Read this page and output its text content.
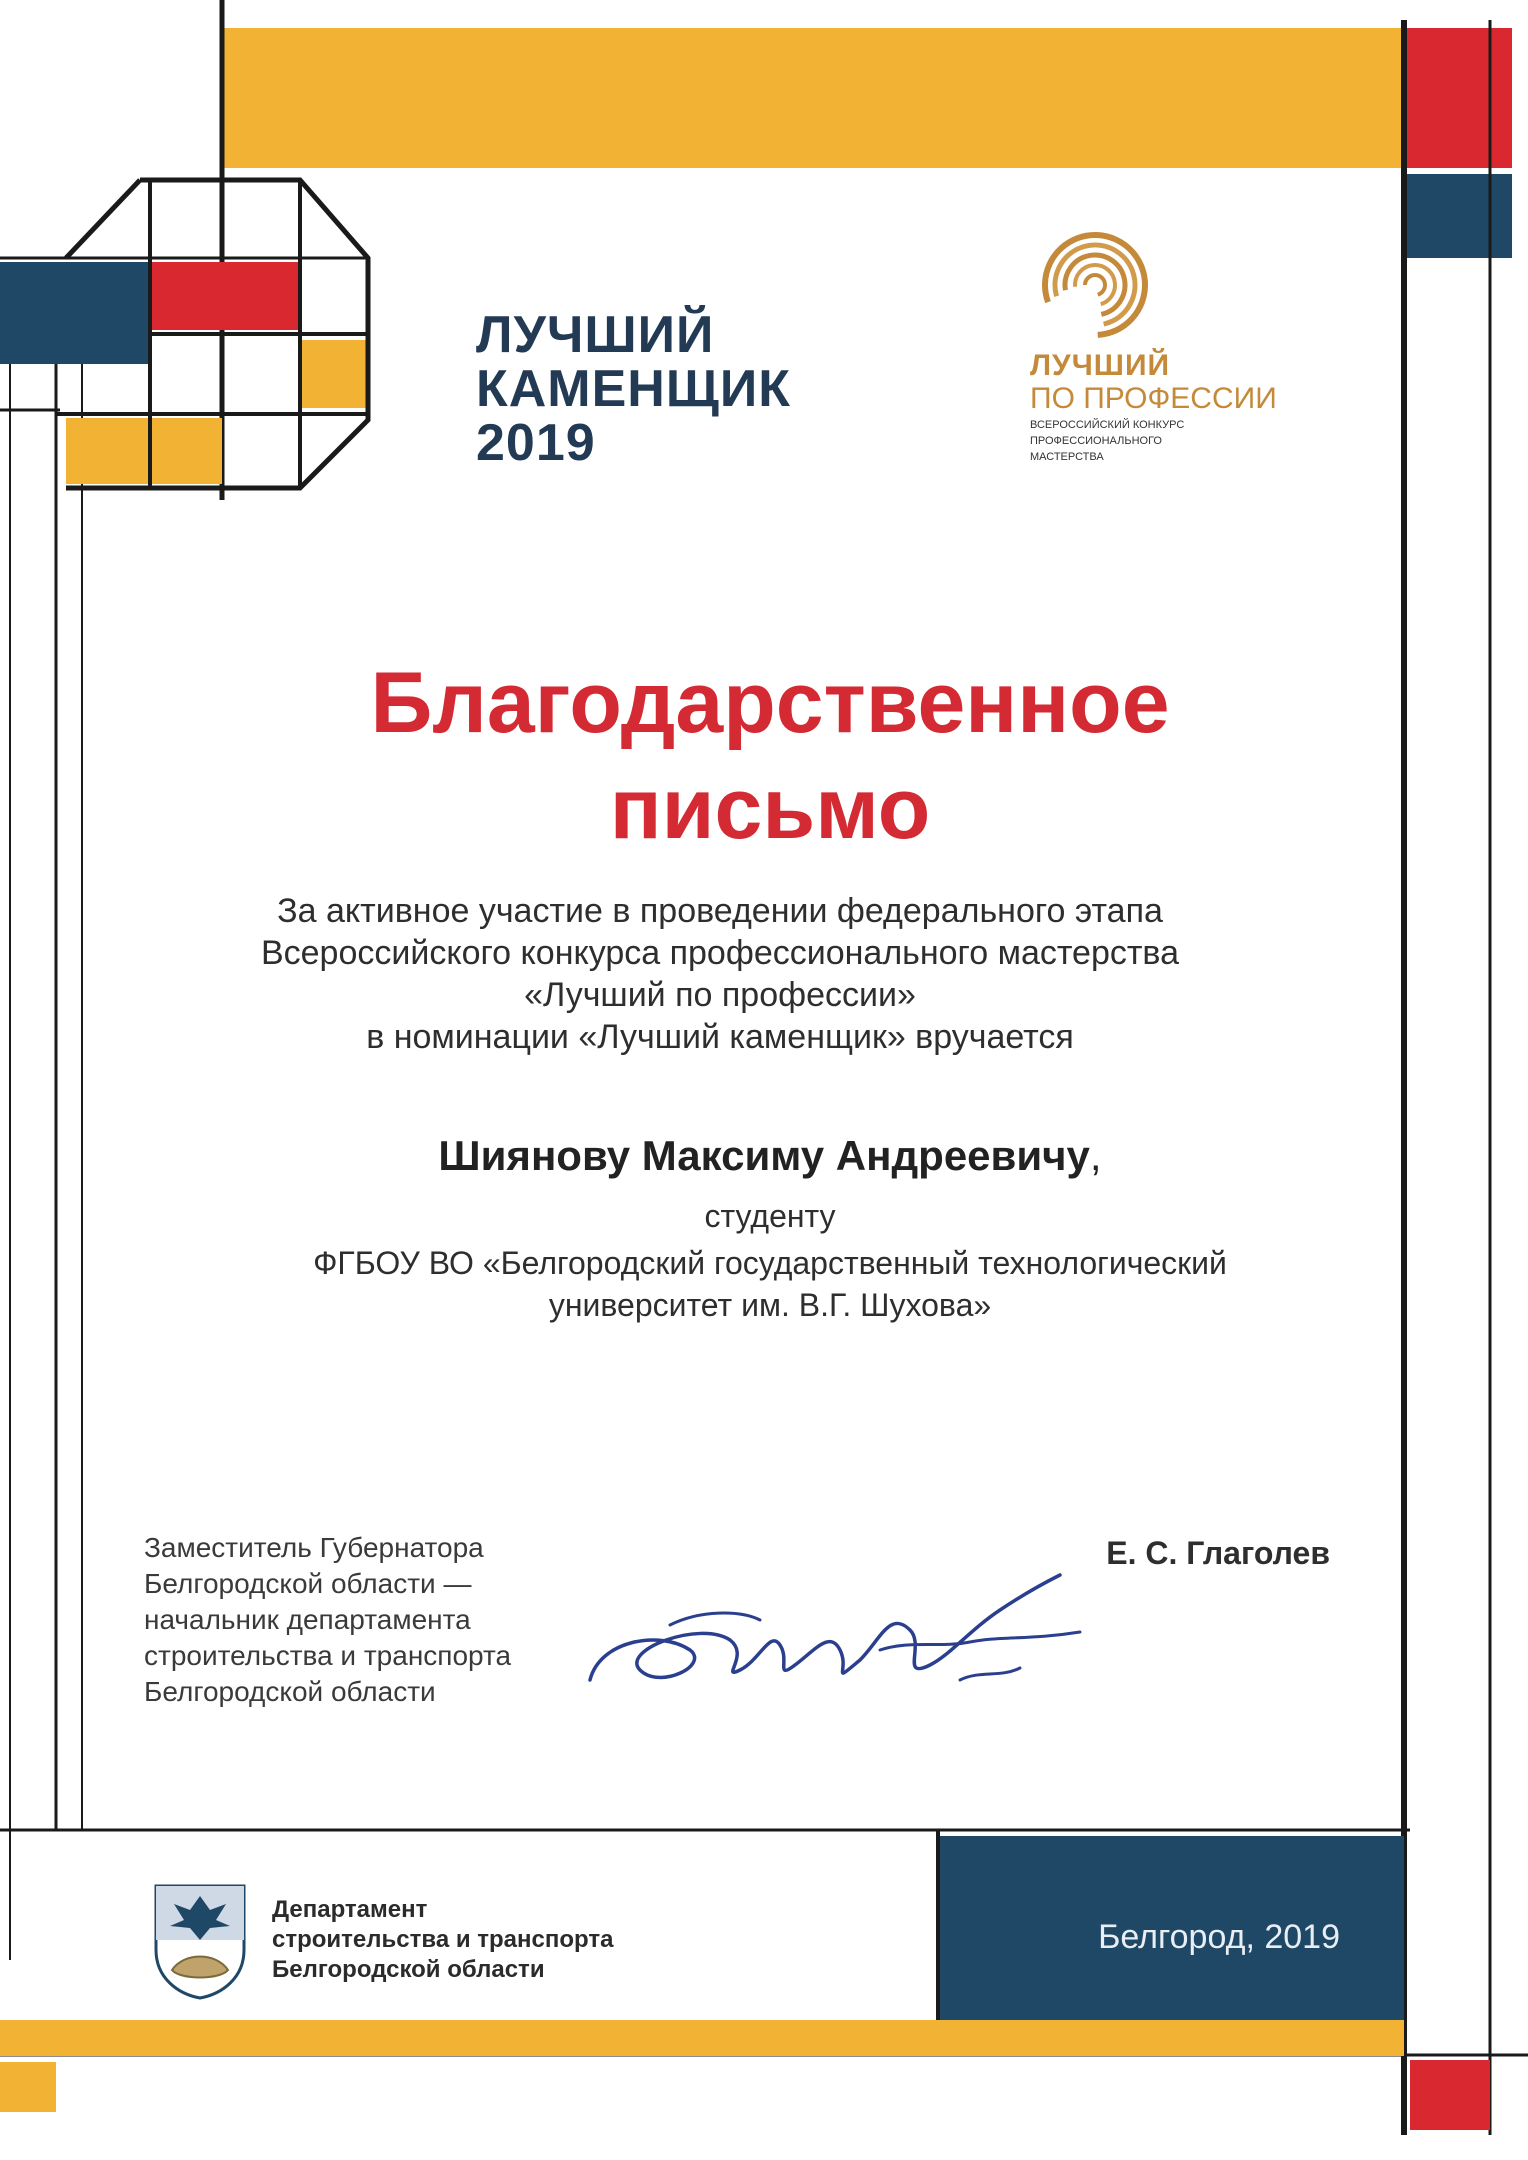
ЛУЧШИЙ
КАМЕНЩИК
2019
ЛУЧШИЙ
ПО ПРОФЕССИИ
ВСЕРОССИЙСКИЙ КОНКУРС
ПРОФЕССИОНАЛЬНОГО
МАСТЕРСТВА
Благодарственное
письмо
За активное участие в проведении федерального этапа
Всероссийского конкурса профессионального мастерства
«Лучший по профессии»
в номинации «Лучший каменщик» вручается
Шиянову Максиму Андреевичу,
студенту
ФГБОУ ВО «Белгородский государственный технологический
университет им. В.Г. Шухова»
Заместитель Губернатора
Белгородской области —
начальник департамента
строительства и транспорта
Белгородской области
Е. С. Глаголев
Департамент
строительства и транспорта
Белгородской области
Белгород, 2019
